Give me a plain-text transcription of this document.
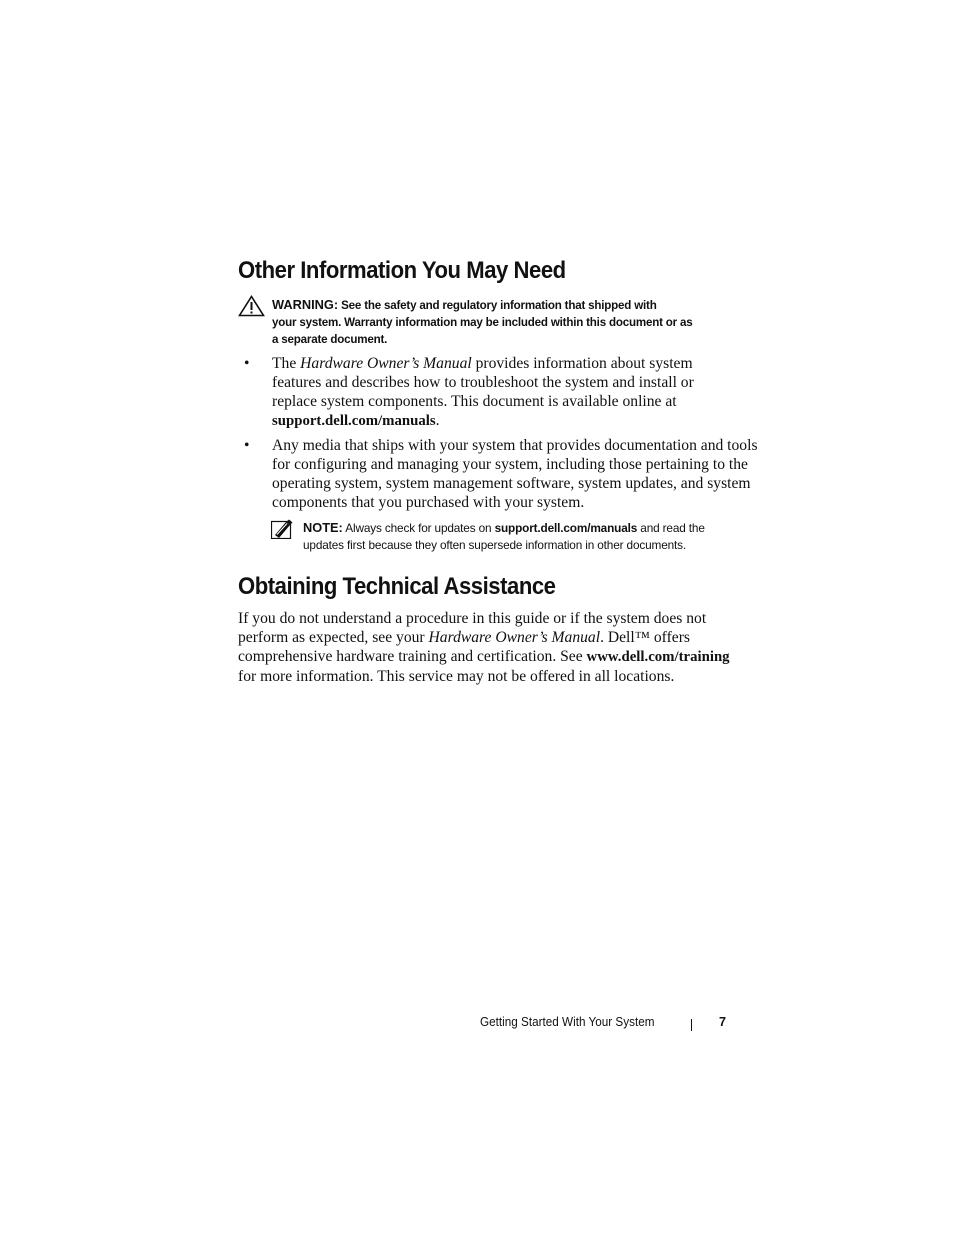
Other Information You May Need
WARNING: See the safety and regulatory information that shipped with
your system. Warranty information may be included within this document or as
a separate document.
• The Hardware Owner’s Manual provides information about system
features and describes how to troubleshoot the system and install or
replace system components. This document is available online at
support.dell.com/manuals.
• Any media that ships with your system that provides documentation and tools
for configuring and managing your system, including those pertaining to the
operating system, system management software, system updates, and system
components that you purchased with your system.
NOTE: Always check for updates on support.dell.com/manuals and read the
updates first because they often supersede information in other documents.
Obtaining Technical Assistance
If you do not understand a procedure in this guide or if the system does not
perform as expected, see your Hardware Owner’s Manual. Dell™ offers
comprehensive hardware training and certification. See www.dell.com/training
for more information. This service may not be offered in all locations.
Getting Started With Your System	7
